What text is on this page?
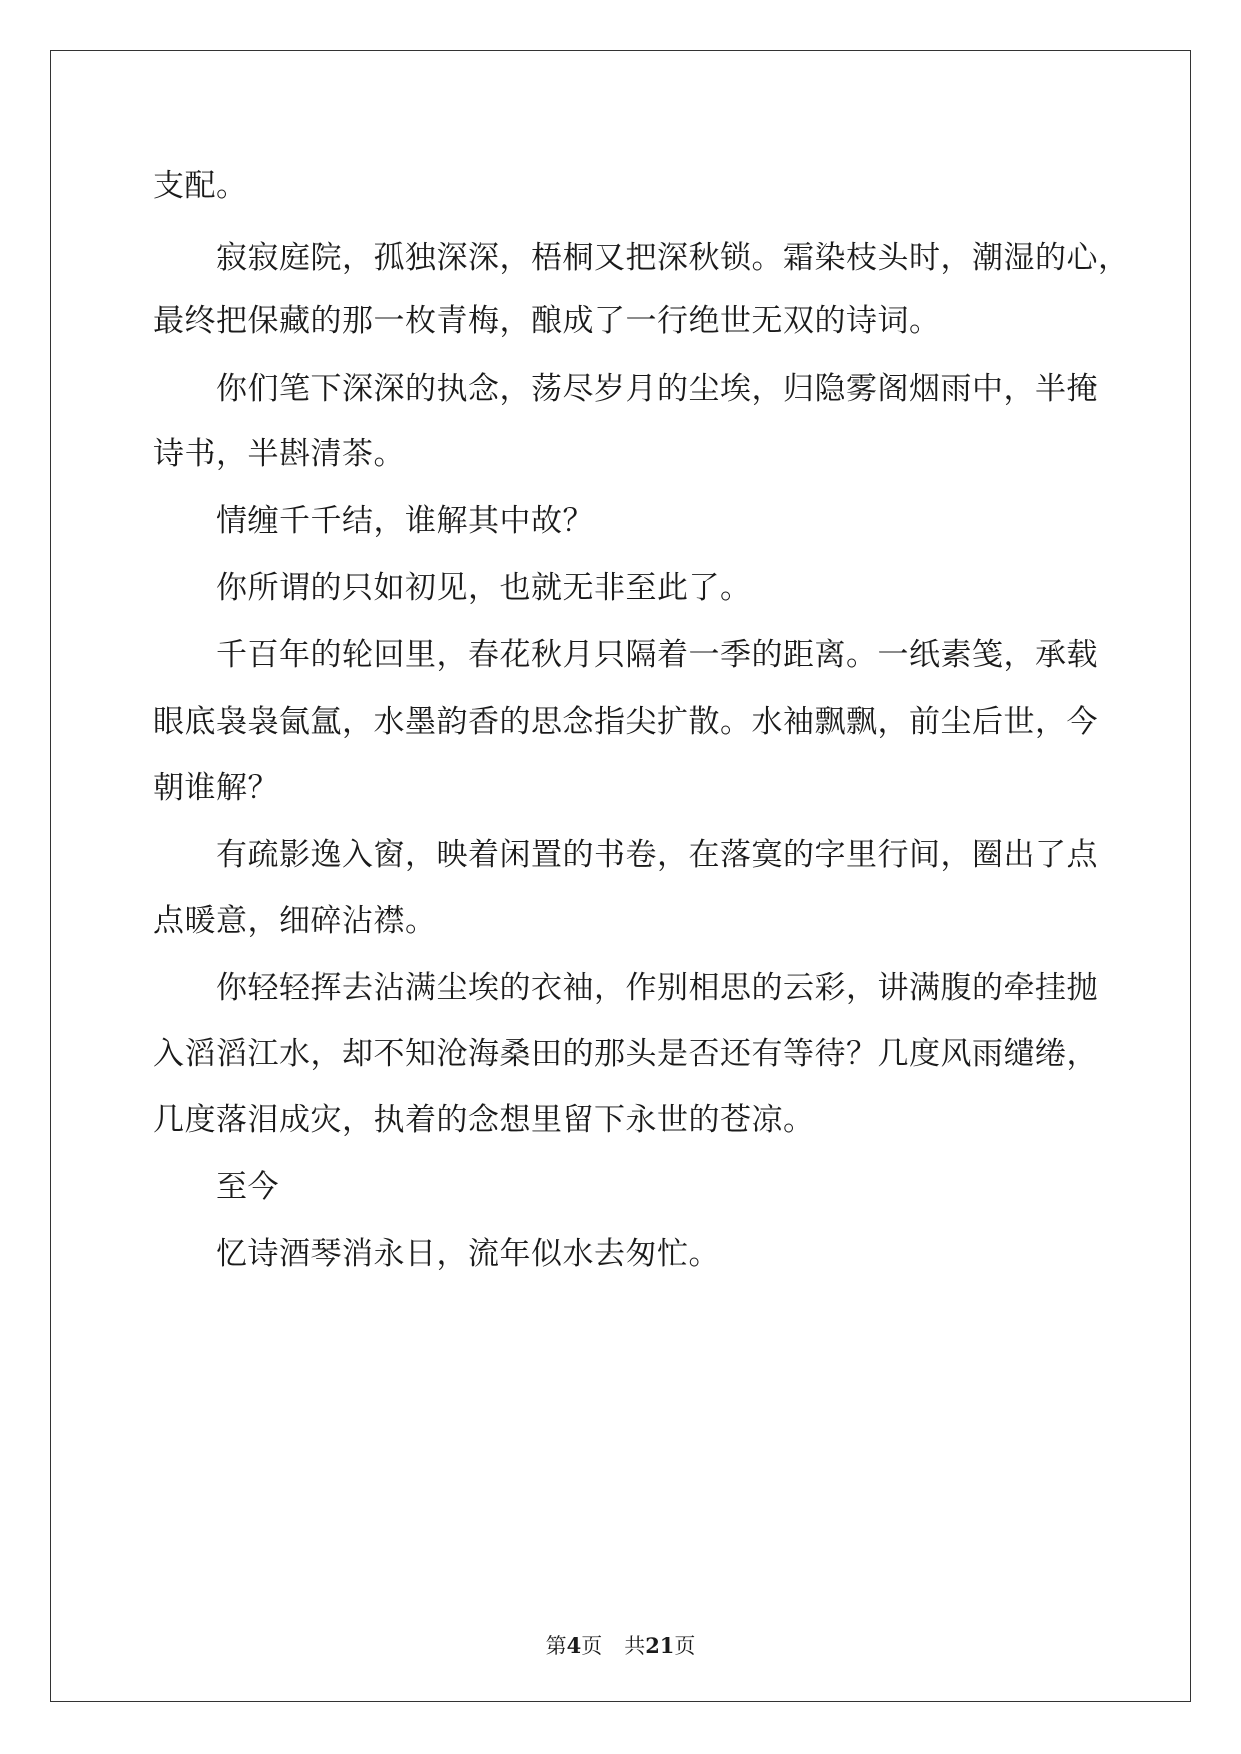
支配。
寂寂庭院，孤独深深，梧桐又把深秋锁。霜染枝头时，潮湿的心，
最终把保藏的那一枚青梅，酿成了一行绝世无双的诗词。
你们笔下深深的执念，荡尽岁月的尘埃，归隐雾阁烟雨中，半掩
诗书，半斟清茶。
情缠千千结，谁解其中故？
你所谓的只如初见，也就无非至此了。
千百年的轮回里，春花秋月只隔着一季的距离。一纸素笺，承载
眼底袅袅氤氲，水墨韵香的思念指尖扩散。水袖飘飘，前尘后世，今
朝谁解？
有疏影逸入窗，映着闲置的书卷，在落寞的字里行间，圈出了点
点暖意，细碎沾襟。
你轻轻挥去沾满尘埃的衣袖，作别相思的云彩，讲满腹的牵挂抛
入滔滔江水，却不知沧海桑田的那头是否还有等待？几度风雨缱绻，
几度落泪成灾，执着的念想里留下永世的苍凉。
至今
忆诗酒琴消永日，流年似水去匆忙。
第4页 共21页
